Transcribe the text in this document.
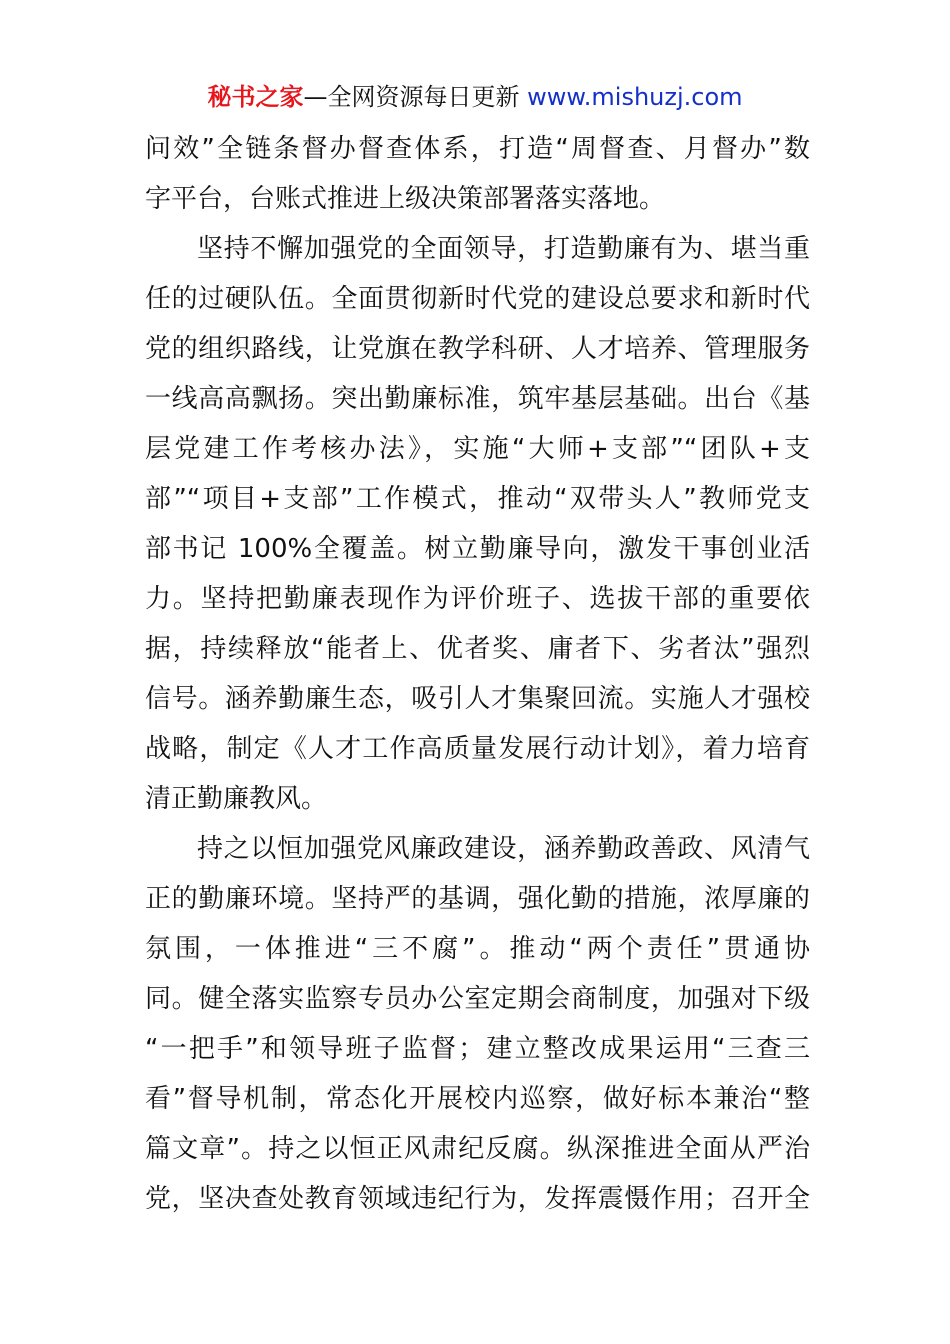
秘书之家—全网资源每日更新 www.mishuzj.com
问效”全链条督办督查体系，打造“周督查、月督办”数
字平台，台账式推进上级决策部署落实落地。
坚持不懈加强党的全面领导，打造勤廉有为、堪当重
任的过硬队伍。全面贯彻新时代党的建设总要求和新时代
党的组织路线，让党旗在教学科研、人才培养、管理服务
一线高高飘扬。突出勤廉标准，筑牢基层基础。出台《基
层党建工作考核办法》，实施“大师+支部”“团队+支
部”“项目+支部”工作模式，推动“双带头人”教师党支
部书记 100%全覆盖。树立勤廉导向，激发干事创业活
力。坚持把勤廉表现作为评价班子、选拔干部的重要依
据，持续释放“能者上、优者奖、庸者下、劣者汰”强烈
信号。涵养勤廉生态，吸引人才集聚回流。实施人才强校
战略，制定《人才工作高质量发展行动计划》，着力培育
清正勤廉教风。
持之以恒加强党风廉政建设，涵养勤政善政、风清气
正的勤廉环境。坚持严的基调，强化勤的措施，浓厚廉的
氛围，一体推进“三不腐”。推动“两个责任”贯通协
同。健全落实监察专员办公室定期会商制度，加强对下级
“一把手”和领导班子监督；建立整改成果运用“三查三
看”督导机制，常态化开展校内巡察，做好标本兼治“整
篇文章”。持之以恒正风肃纪反腐。纵深推进全面从严治
党，坚决查处教育领域违纪行为，发挥震慑作用；召开全
